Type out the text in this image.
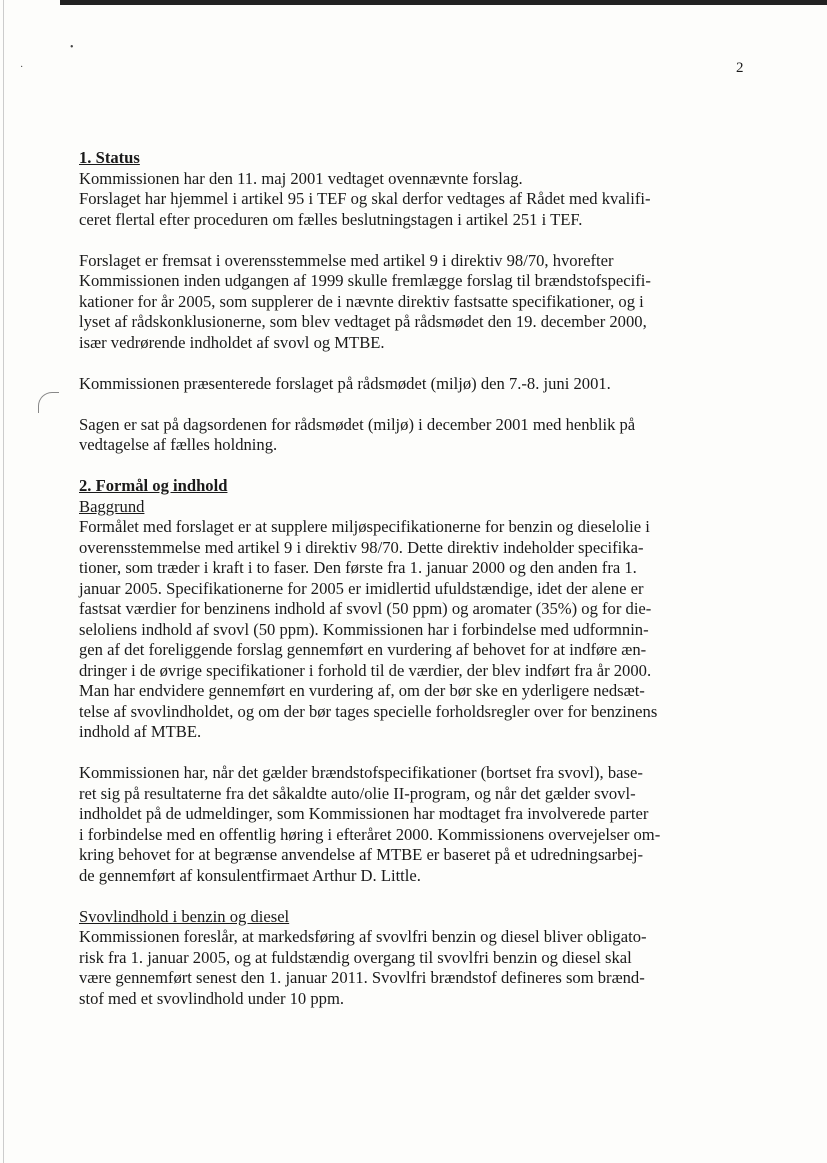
•
·	2
1. Status

Kommissionen har den 11. maj 2001 vedtaget ovennævnte forslag.
Forslaget har hjemmel i artikel 95 i TEF og skal derfor vedtages af Rådet med kvalifi-
ceret flertal efter proceduren om fælles beslutningstagen i artikel 251 i TEF.

Forslaget er fremsat i overensstemmelse med artikel 9 i direktiv 98/70, hvorefter
Kommissionen inden udgangen af 1999 skulle fremlægge forslag til brændstofspecifi-
kationer for år 2005, som supplerer de i nævnte direktiv fastsatte specifikationer, og i
lyset af rådskonklusionerne, som blev vedtaget på rådsmødet den 19. december 2000,
især vedrørende indholdet af svovl og MTBE.

Kommissionen præsenterede forslaget på rådsmødet (miljø) den 7.-8. juni 2001.

Sagen er sat på dagsordenen for rådsmødet (miljø) i december 2001 med henblik på
vedtagelse af fælles holdning.

2. Formål og indhold
Baggrund

Formålet med forslaget er at supplere miljøspecifikationerne for benzin og dieselolie i
overensstemmelse med artikel 9 i direktiv 98/70. Dette direktiv indeholder specifika-
tioner, som træder i kraft i to faser. Den første fra 1. januar 2000 og den anden fra 1.
januar 2005. Specifikationerne for 2005 er imidlertid ufuldstændige, idet der alene er
fastsat værdier for benzinens indhold af svovl (50 ppm) og aromater (35%) og for die-
seloliens indhold af svovl (50 ppm). Kommissionen har i forbindelse med udformnin-
gen af det foreliggende forslag gennemført en vurdering af behovet for at indføre æn-
dringer i de øvrige specifikationer i forhold til de værdier, der blev indført fra år 2000.
Man har endvidere gennemført en vurdering af, om der bør ske en yderligere nedsæt-
telse af svovlindholdet, og om der bør tages specielle forholdsregler over for benzinens
indhold af MTBE.

Kommissionen har, når det gælder brændstofspecifikationer (bortset fra svovl), base-
ret sig på resultaterne fra det såkaldte auto/olie II-program, og når det gælder svovl-
indholdet på de udmeldinger, som Kommissionen har modtaget fra involverede parter
i forbindelse med en offentlig høring i efteråret 2000. Kommissionens overvejelser om-
kring behovet for at begrænse anvendelse af MTBE er baseret på et udredningsarbej-
de gennemført af konsulentfirmaet Arthur D. Little.

Svovlindhold i benzin og diesel

Kommissionen foreslår, at markedsføring af svovlfri benzin og diesel bliver obligato-
risk fra 1. januar 2005, og at fuldstændig overgang til svovlfri benzin og diesel skal
være gennemført senest den 1. januar 2011. Svovlfri brændstof defineres som brænd-
stof med et svovlindhold under 10 ppm.
